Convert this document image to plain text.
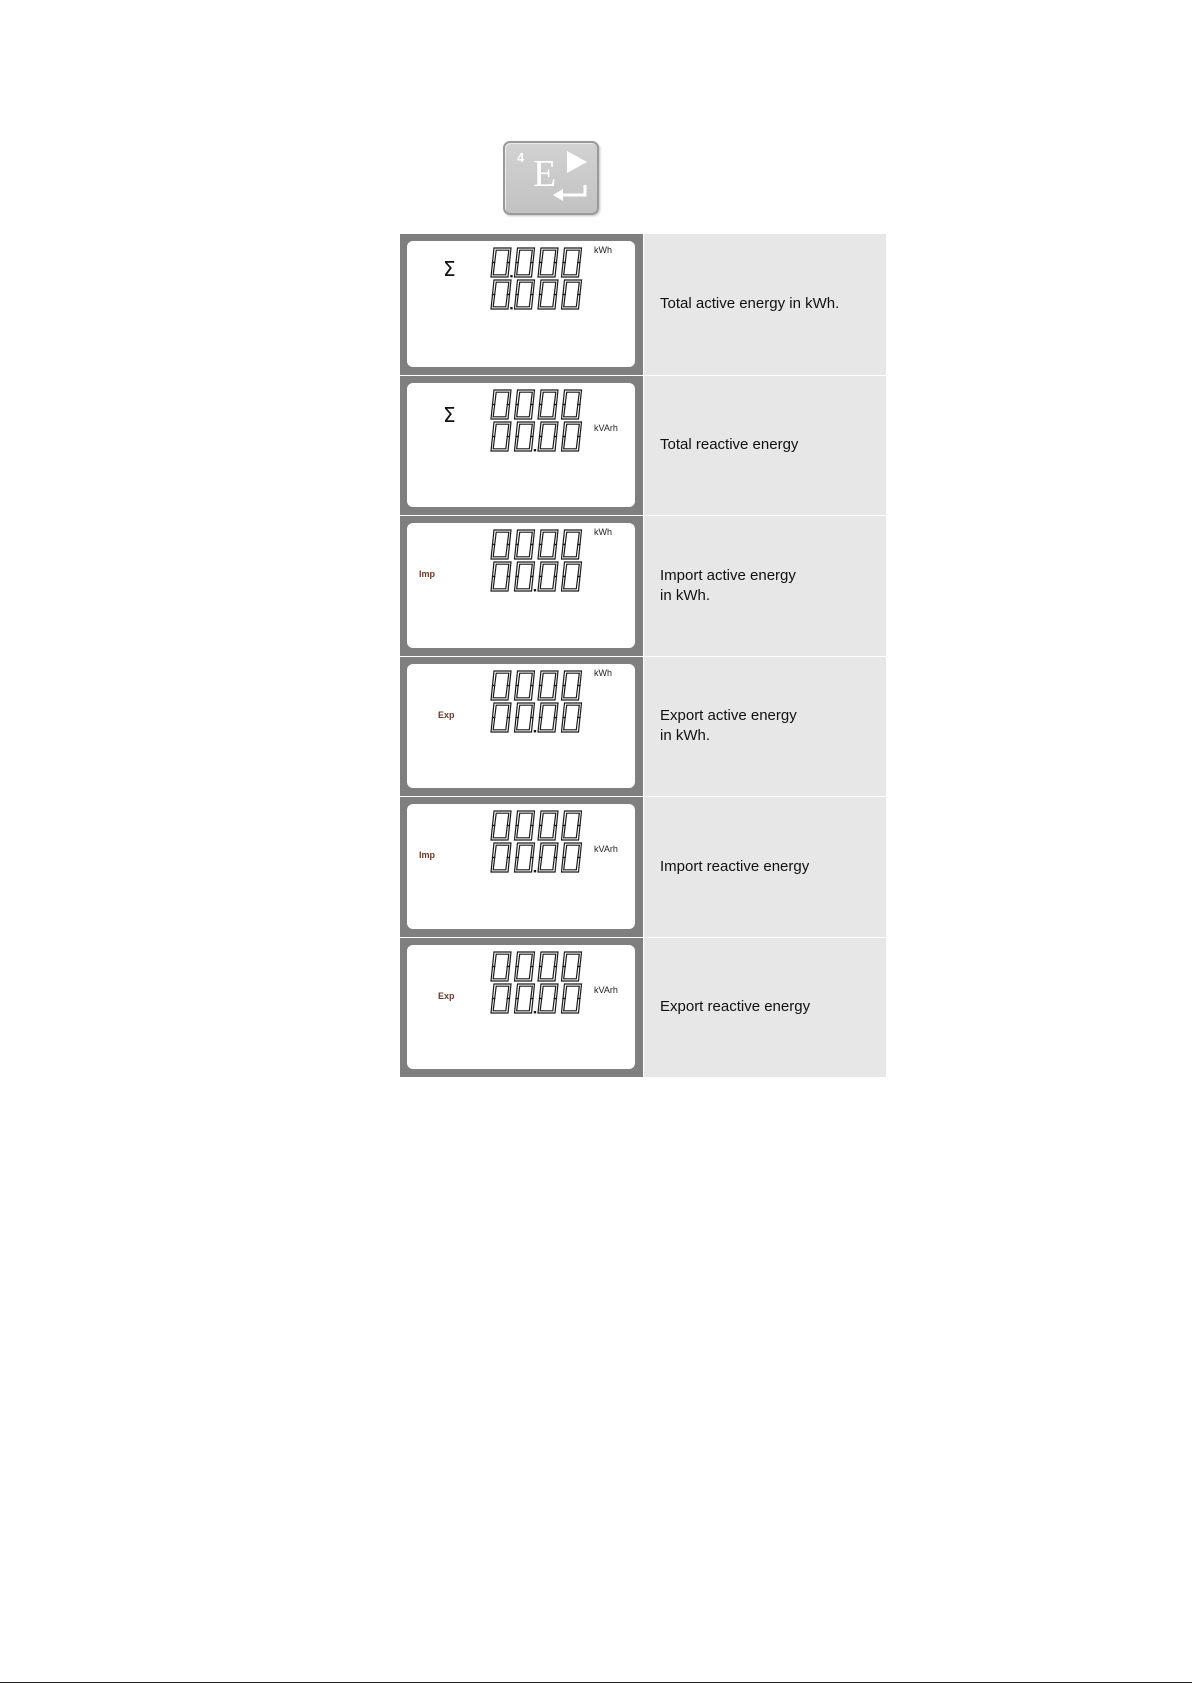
4 E
Σ
kWh
Total active energy in kWh.
Σ
kVArh
Total reactive energy
Imp
kWh
Import active energy
in kWh.
Exp
kWh
Export active energy
in kWh.
Imp
kVArh
Import reactive energy
Exp
kVArh
Export reactive energy
